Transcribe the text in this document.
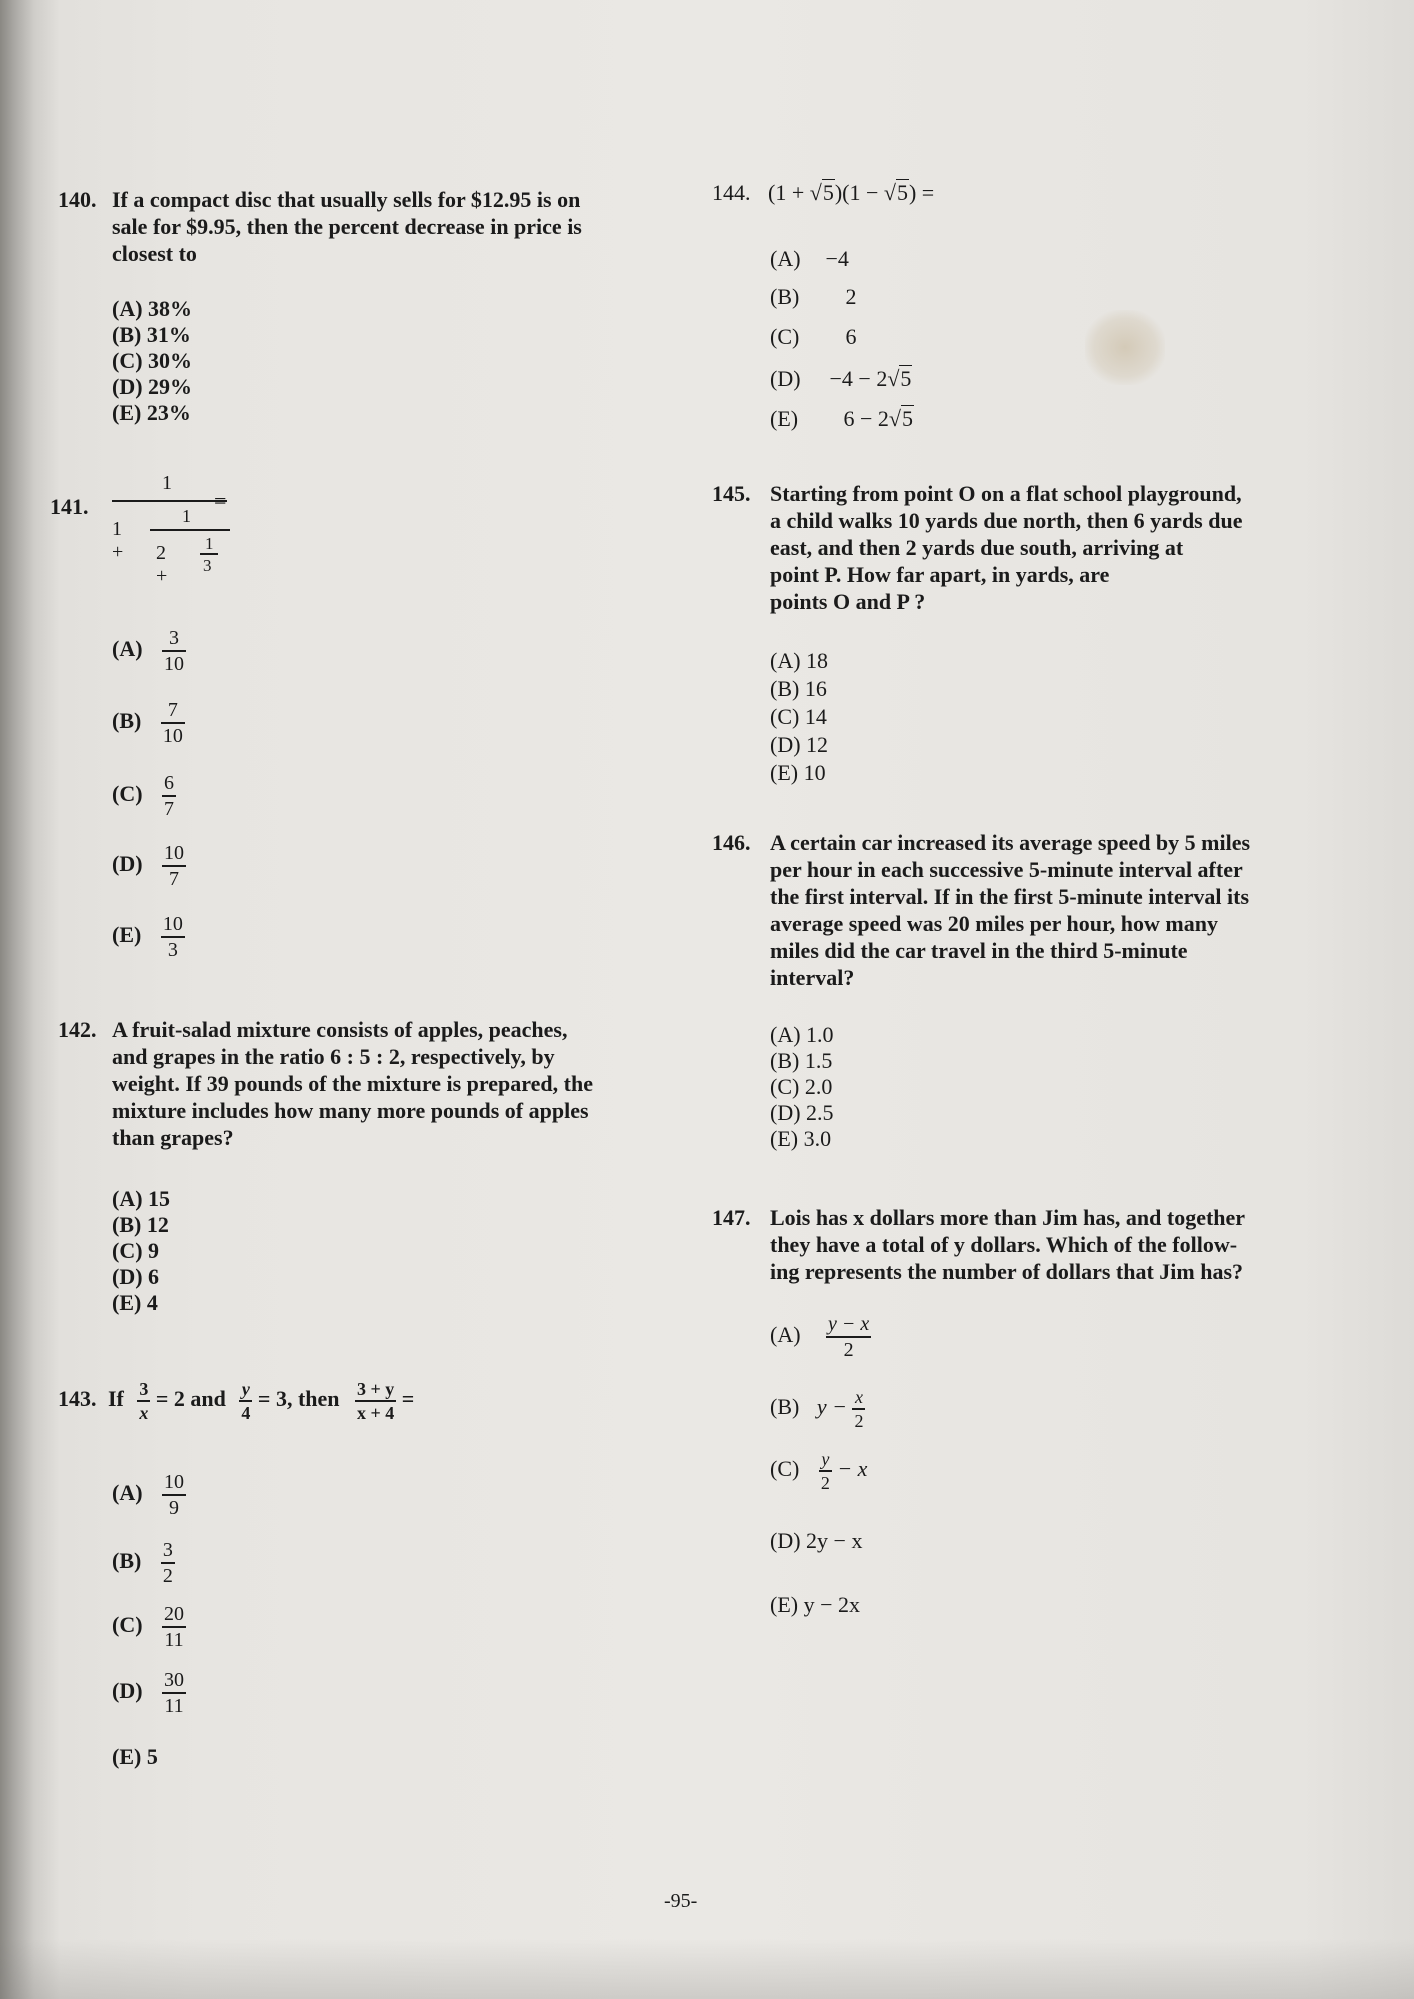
140. If a compact disc that usually sells for $12.95 is on
sale for $9.95, then the percent decrease in price is
closest to
(A) 38%
(B) 31%
(C) 30%
(D) 29%
(E) 23%
141.
1
1
1 +	1
2 + 3
=
$(A) \frac{3}{10}$
$(B) \frac{7}{10}$
$(C) \frac{6}{7}$
$(D) \frac{10}{7}$
$(E) \frac{10}{3}$
142. A fruit-salad mixture consists of apples, peaches,
and grapes in the ratio 6 : 5 : 2, respectively, by
weight. If 39 pounds of the mixture is prepared, the
mixture includes how many more pounds of apples
than grapes?
(A) 15
(B) 12
(C) 9
(D) 6
(E) 4
143. If $\frac{3}{x} = 2$ and $\frac{y}{4} = 3$, then $\frac{3 + y}{x + 4}$ =
$(A) \frac{10}{9}$
$(B) \frac{3}{2}$
$(C) \frac{20}{11}$
$(D) \frac{30}{11}$
(E) 5
144. (1 + √5)(1 − √5) =
(A) −4
(B) 2
(C) 6
(D) −4 − 2√5
(E) 6 − 2√5
145. Starting from point O on a flat school playground,
a child walks 10 yards due north, then 6 yards due
east, and then 2 yards due south, arriving at
point P. How far apart, in yards, are
points O and P ?
(A) 18
(B) 16
(C) 14
(D) 12
(E) 10
146. A certain car increased its average speed by 5 miles
per hour in each successive 5-minute interval after
the first interval. If in the first 5-minute interval its
average speed was 20 miles per hour, how many
miles did the car travel in the third 5-minute
interval?
(A) 1.0
(B) 1.5
(C) 2.0
(D) 2.5
(E) 3.0
147. Lois has x dollars more than Jim has, and together
they have a total of y dollars. Which of the follow-
ing represents the number of dollars that Jim has?
$(A) \frac{y - x}{2}$
(B) $y - \frac{x}{2}$
$(C) \frac{y}{2} - x$
(D) 2y − x
(E) y − 2x
-95-
